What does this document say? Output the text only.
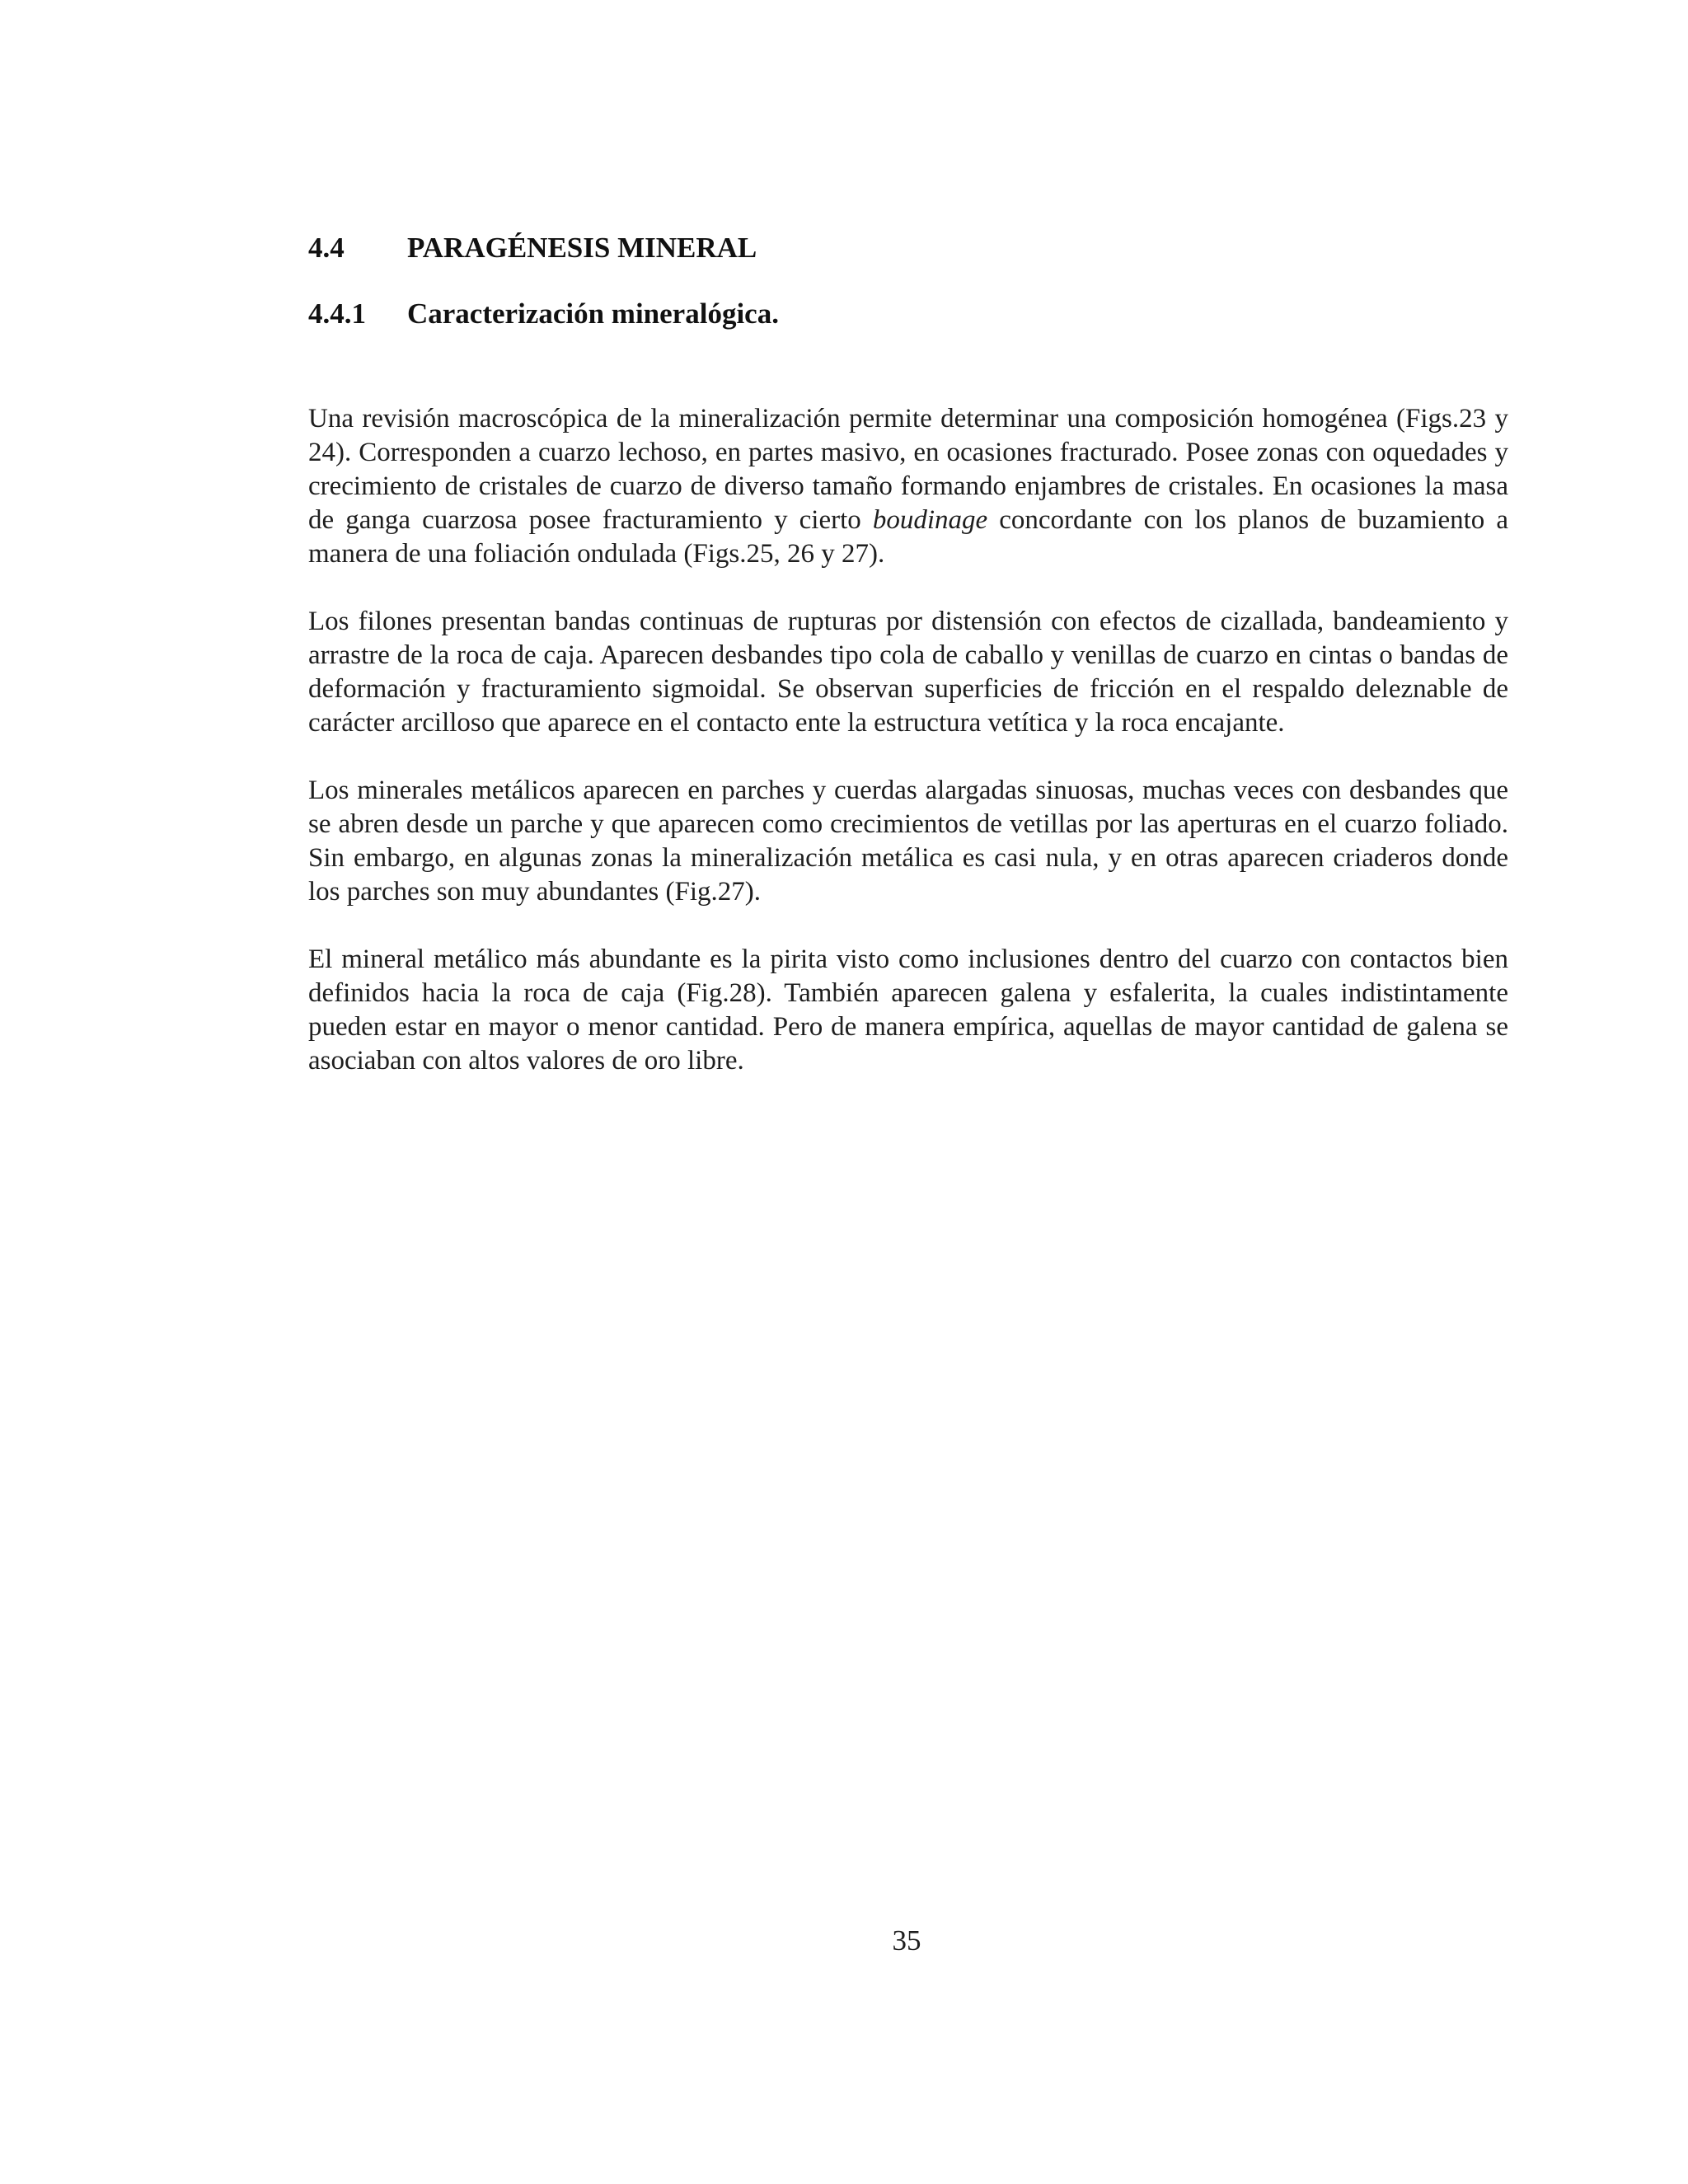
4.4 PARAGÉNESIS MINERAL
4.4.1 Caracterización mineralógica.

Una revisión macroscópica de la mineralización permite determinar una composición homogénea (Figs.23 y 24). Corresponden a cuarzo lechoso, en partes masivo, en ocasiones fracturado. Posee zonas con oquedades y crecimiento de cristales de cuarzo de diverso tamaño formando enjambres de cristales. En ocasiones la masa de ganga cuarzosa posee fracturamiento y cierto boudinage concordante con los planos de buzamiento a manera de una foliación ondulada (Figs.25, 26 y 27).

Los filones presentan bandas continuas de rupturas por distensión con efectos de cizallada, bandeamiento y arrastre de la roca de caja. Aparecen desbandes tipo cola de caballo y venillas de cuarzo en cintas o bandas de deformación y fracturamiento sigmoidal. Se observan superficies de fricción en el respaldo deleznable de carácter arcilloso que aparece en el contacto ente la estructura vetítica y la roca encajante.

Los minerales metálicos aparecen en parches y cuerdas alargadas sinuosas, muchas veces con desbandes que se abren desde un parche y que aparecen como crecimientos de vetillas por las aperturas en el cuarzo foliado. Sin embargo, en algunas zonas la mineralización metálica es casi nula, y en otras aparecen criaderos donde los parches son muy abundantes (Fig.27).

El mineral metálico más abundante es la pirita visto como inclusiones dentro del cuarzo con contactos bien definidos hacia la roca de caja (Fig.28). También aparecen galena y esfalerita, la cuales indistintamente pueden estar en mayor o menor cantidad. Pero de manera empírica, aquellas de mayor cantidad de galena se asociaban con altos valores de oro libre.

35
